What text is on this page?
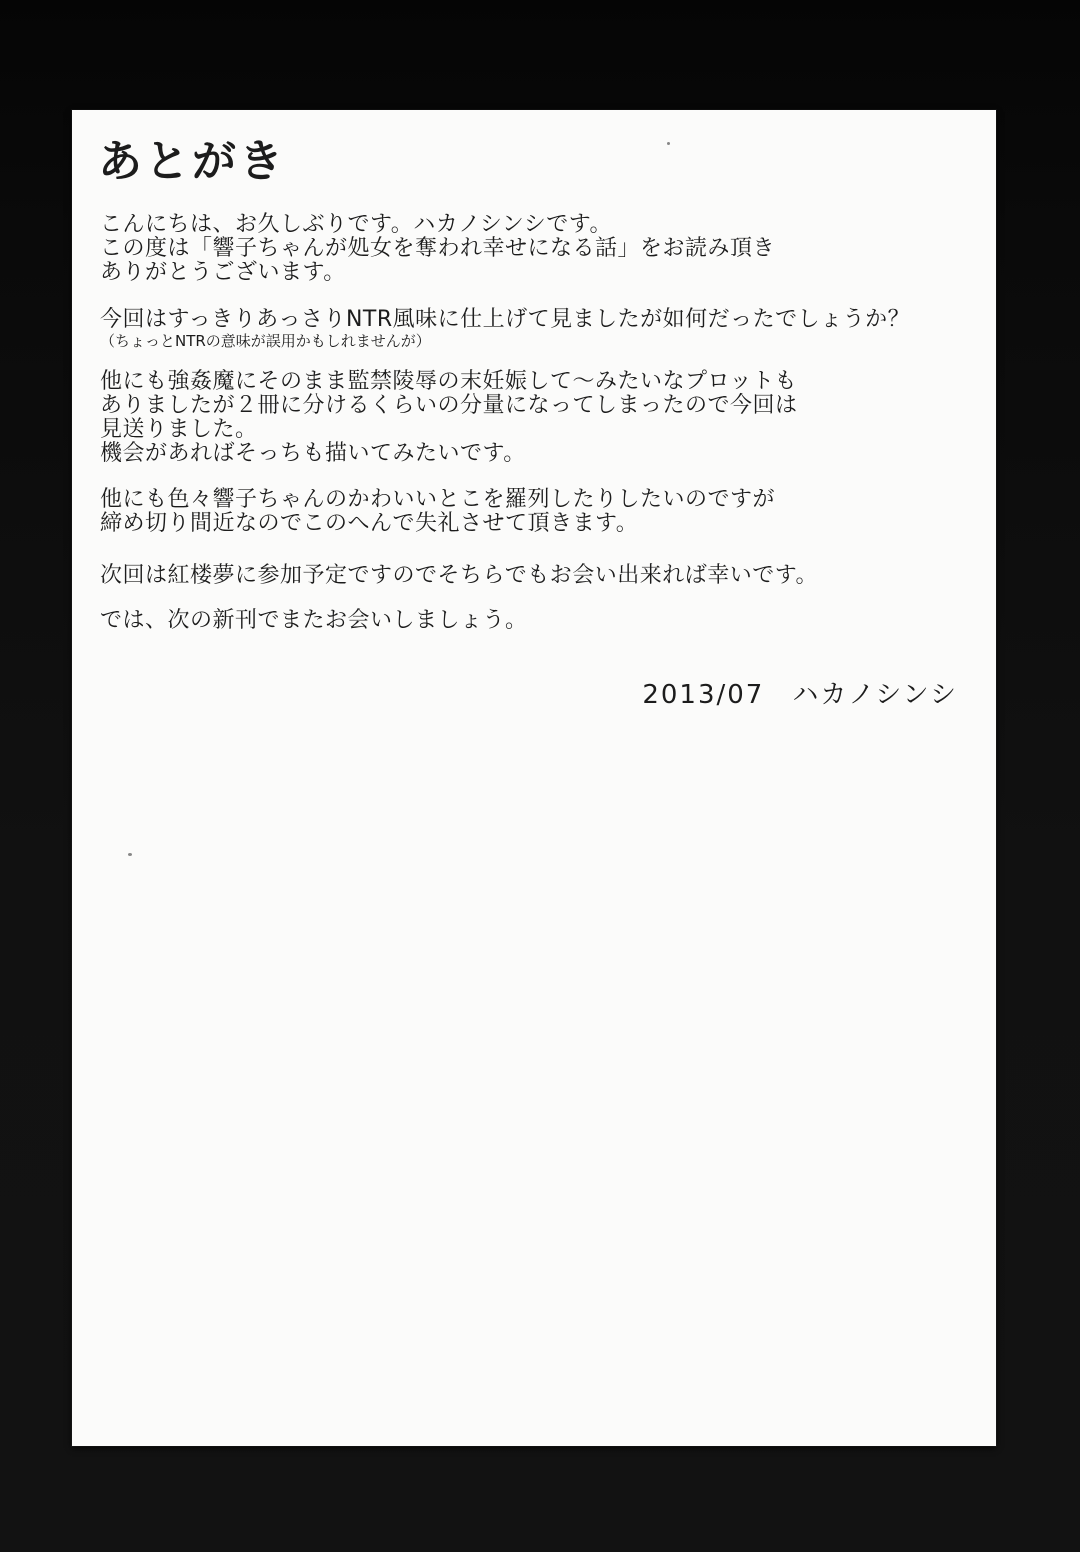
あとがき
こんにちは、お久しぶりです。ハカノシンシです。
この度は「響子ちゃんが処女を奪われ幸せになる話」をお読み頂き
ありがとうございます。
今回はすっきりあっさりNTR風味に仕上げて見ましたが如何だったでしょうか？
（ちょっとNTRの意味が誤用かもしれませんが）
他にも強姦魔にそのまま監禁陵辱の末妊娠して～みたいなプロットも
ありましたが２冊に分けるくらいの分量になってしまったので今回は
見送りました。
機会があればそっちも描いてみたいです。
他にも色々響子ちゃんのかわいいとこを羅列したりしたいのですが
締め切り間近なのでこのへんで失礼させて頂きます。
次回は紅楼夢に参加予定ですのでそちらでもお会い出来れば幸いです。
では、次の新刊でまたお会いしましょう。
2013/07　ハカノシンシ
